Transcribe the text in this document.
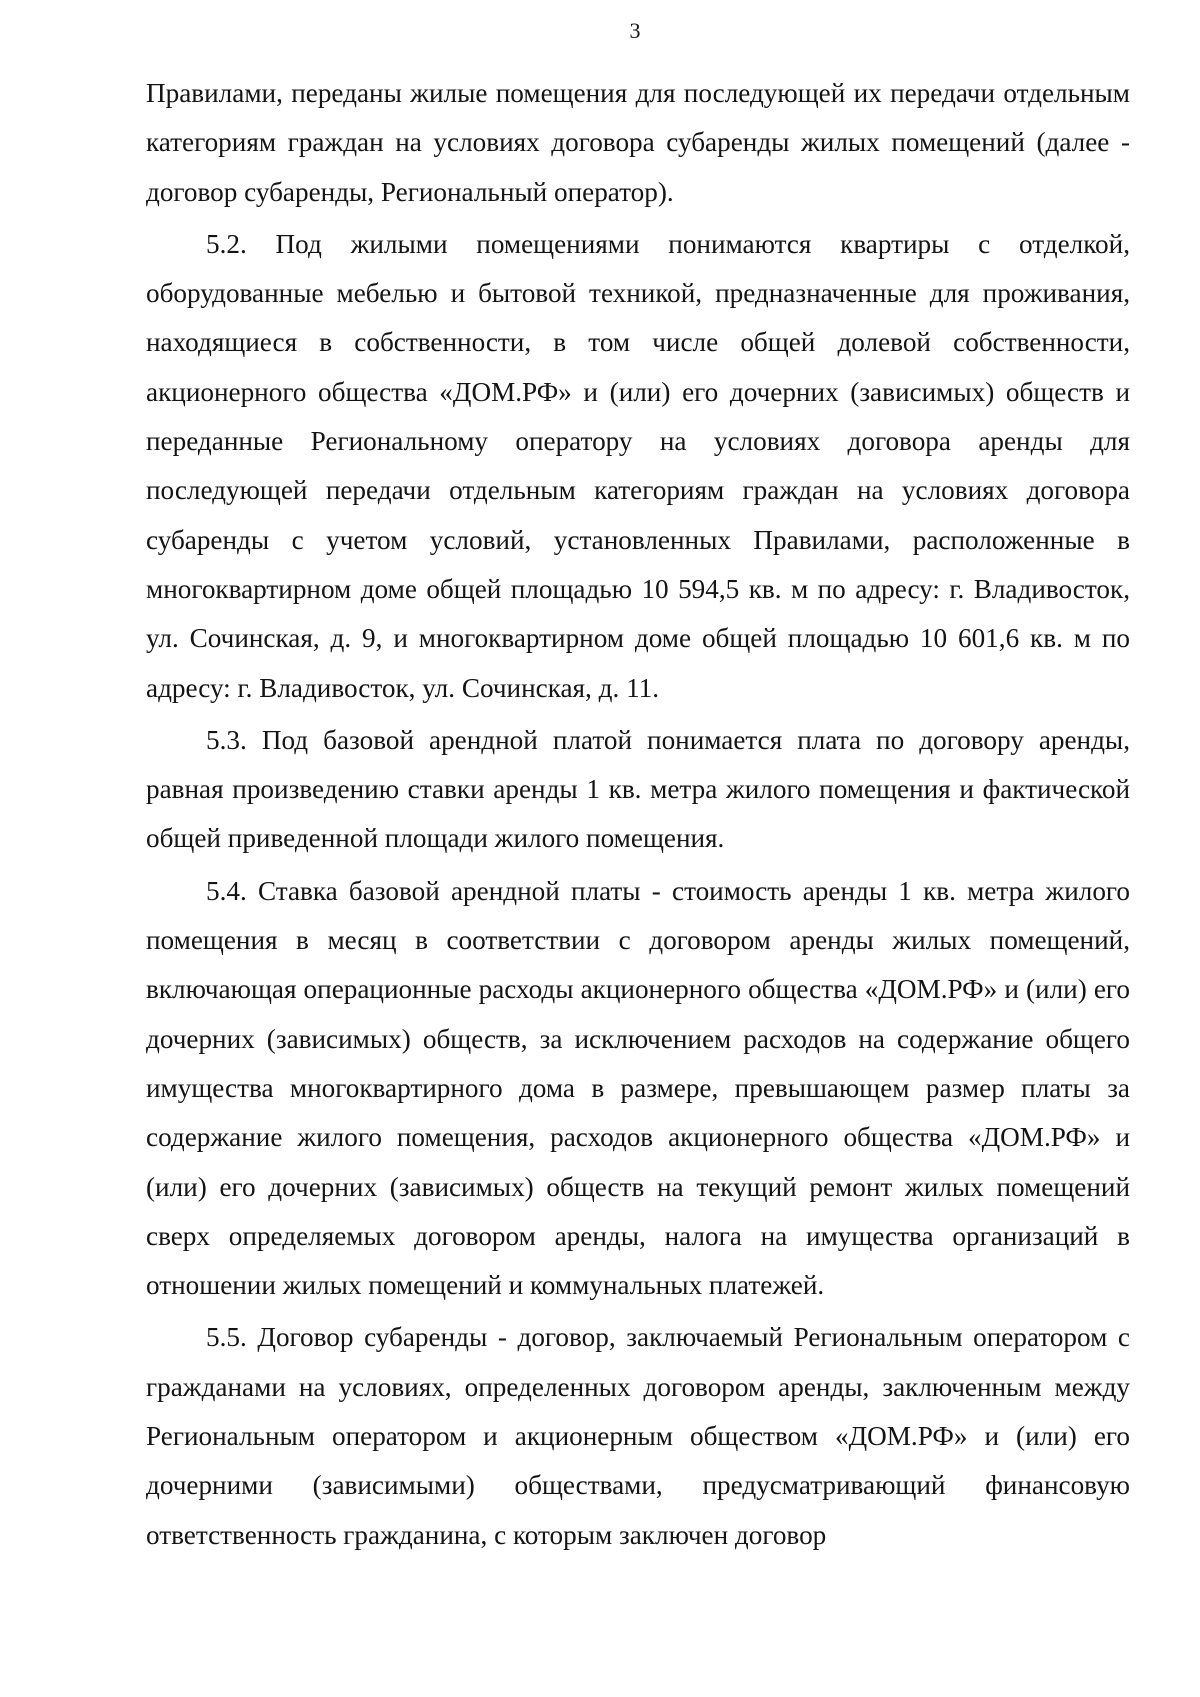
3

Правилами, переданы жилые помещения для последующей их передачи отдельным категориям граждан на условиях договора субаренды жилых помещений (далее - договор субаренды, Региональный оператор).

5.2. Под жилыми помещениями понимаются квартиры с отделкой, оборудованные мебелью и бытовой техникой, предназначенные для проживания, находящиеся в собственности, в том числе общей долевой собственности, акционерного общества «ДОМ.РФ» и (или) его дочерних (зависимых) обществ и переданные Региональному оператору на условиях договора аренды для последующей передачи отдельным категориям граждан на условиях договора субаренды с учетом условий, установленных Правилами, расположенные в многоквартирном доме общей площадью 10 594,5 кв. м по адресу: г. Владивосток, ул. Сочинская, д. 9, и многоквартирном доме общей площадью 10 601,6 кв. м по адресу: г. Владивосток, ул. Сочинская, д. 11.

5.3. Под базовой арендной платой понимается плата по договору аренды, равная произведению ставки аренды 1 кв. метра жилого помещения и фактической общей приведенной площади жилого помещения.

5.4. Ставка базовой арендной платы - стоимость аренды 1 кв. метра жилого помещения в месяц в соответствии с договором аренды жилых помещений, включающая операционные расходы акционерного общества «ДОМ.РФ» и (или) его дочерних (зависимых) обществ, за исключением расходов на содержание общего имущества многоквартирного дома в размере, превышающем размер платы за содержание жилого помещения, расходов акционерного общества «ДОМ.РФ» и (или) его дочерних (зависимых) обществ на текущий ремонт жилых помещений сверх определяемых договором аренды, налога на имущества организаций в отношении жилых помещений и коммунальных платежей.

5.5. Договор субаренды - договор, заключаемый Региональным оператором с гражданами на условиях, определенных договором аренды, заключенным между Региональным оператором и акционерным обществом «ДОМ.РФ» и (или) его дочерними (зависимыми) обществами, предусматривающий финансовую ответственность гражданина, с которым заключен договор
